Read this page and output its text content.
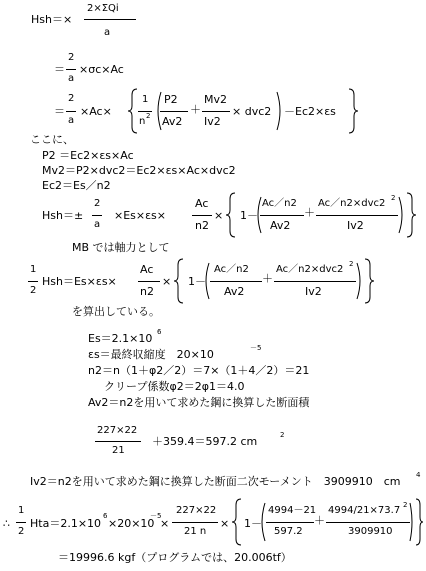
Hsh＝×
2×ΣQi
a
＝
2
a
×σc×Ac
＝
2
a
×Ac×
1
n 2
P2
Av2
＋
Mv2
Iv2
× dvc2 －Ec2×εs
ここに、
P2 ＝Ec2×εs×Ac
Mv2＝P2×dvc2＝Ec2×εs×Ac×dvc2
Ec2＝Es／n2
Hsh＝±
2
a
×Es×εs×
Ac
n2
× 1－
Ac／n2
Av2
＋
Ac／n2×dvc2 2
Iv2
MB では軸力として
1
2
Hsh＝Es×εs×
Ac
n2
× 1－
Ac／n2
Av2
＋
Ac／n2×dvc2 2
Iv2
を算出している。
Es＝2.1×10 6
εs＝最終収縮度　20×10	－5
n2＝n（1＋φ2／2）＝7×（1＋4／2）＝21
クリープ係数φ2＝2φ1＝4.0
Av2＝n2を用いて求めた鋼に換算した断面積
227×22
21
＋359.4＝597.2 cm	2
Iv2＝n2を用いて求めた鋼に換算した断面二次モーメント　3909910　cm 4
∴
1
2
Hta＝2.1×10
6
×20×10
－5
×
227×22
21 n
× 1－
4994－21
597.2
＋
4994/21×73.7 2
3909910
＝19996.6 kgf（プログラムでは、20.006tf）
